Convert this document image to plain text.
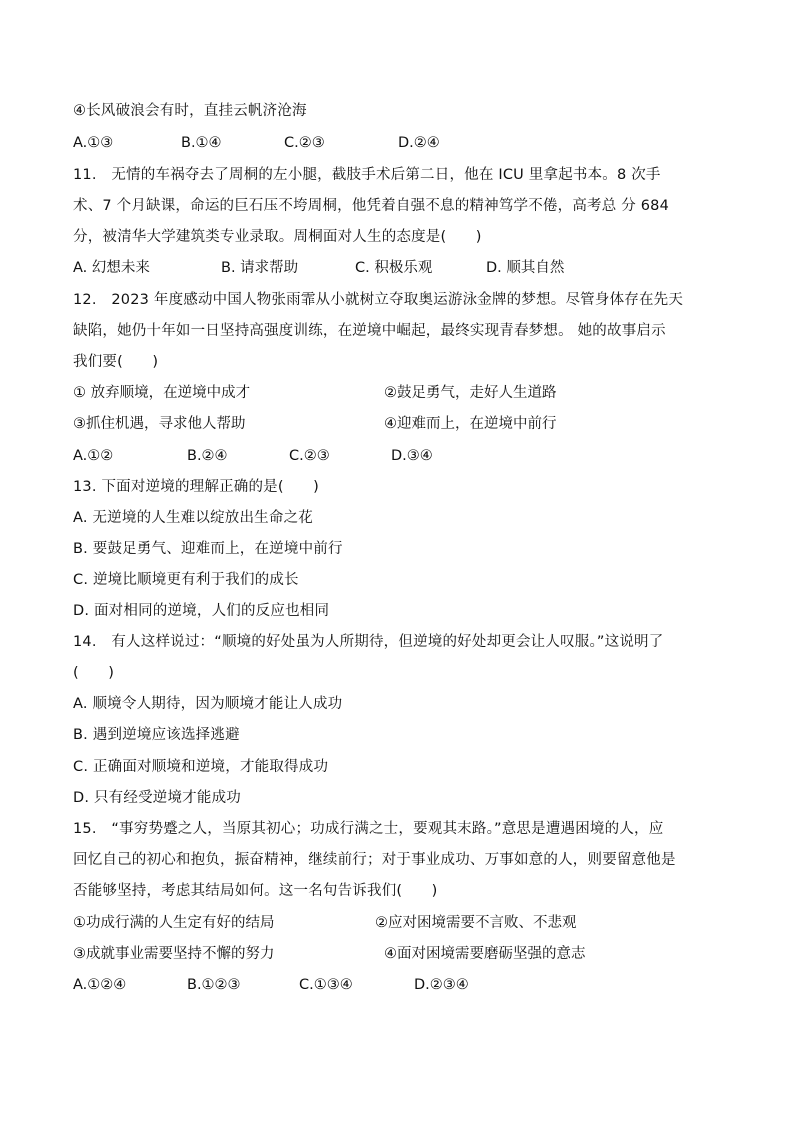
④长风破浪会有时，直挂云帆济沧海
A.①③	B.①④	C.②③	D.②④
11.　无情的车祸夺去了周桐的左小腿，截肢手术后第二日，他在 ICU 里拿起书本。8 次手
术、7 个月缺课，命运的巨石压不垮周桐，他凭着自强不息的精神笃学不倦，高考总 分 684
分，被清华大学建筑类专业录取。周桐面对人生的态度是(　　)
A. 幻想未来	B. 请求帮助	C. 积极乐观	D. 顺其自然
12.　2023 年度感动中国人物张雨霏从小就树立夺取奥运游泳金牌的梦想。尽管身体存在先天
缺陷，她仍十年如一日坚持高强度训练，在逆境中崛起，最终实现青春梦想。 她的故事启示
我们要(　　)
① 放弃顺境，在逆境中成才	②鼓足勇气，走好人生道路
③抓住机遇，寻求他人帮助	④迎难而上，在逆境中前行
A.①②	B.②④	C.②③	D.③④
13. 下面对逆境的理解正确的是(　　)
A. 无逆境的人生难以绽放出生命之花
B. 要鼓足勇气、迎难而上，在逆境中前行
C. 逆境比顺境更有利于我们的成长
D. 面对相同的逆境，人们的反应也相同
14.　有人这样说过：“顺境的好处虽为人所期待，但逆境的好处却更会让人叹服。”这说明了
(　　)
A. 顺境令人期待，因为顺境才能让人成功
B. 遇到逆境应该选择逃避
C. 正确面对顺境和逆境，才能取得成功
D. 只有经受逆境才能成功
15.　“事穷势蹙之人，当原其初心；功成行满之士，要观其末路。”意思是遭遇困境的人，应
回忆自己的初心和抱负，振奋精神，继续前行；对于事业成功、万事如意的人，则要留意他是
否能够坚持，考虑其结局如何。这一名句告诉我们(　　)
①功成行满的人生定有好的结局	②应对困境需要不言败、不悲观
③成就事业需要坚持不懈的努力	④面对困境需要磨砺坚强的意志
A.①②④	B.①②③	C.①③④	D.②③④
